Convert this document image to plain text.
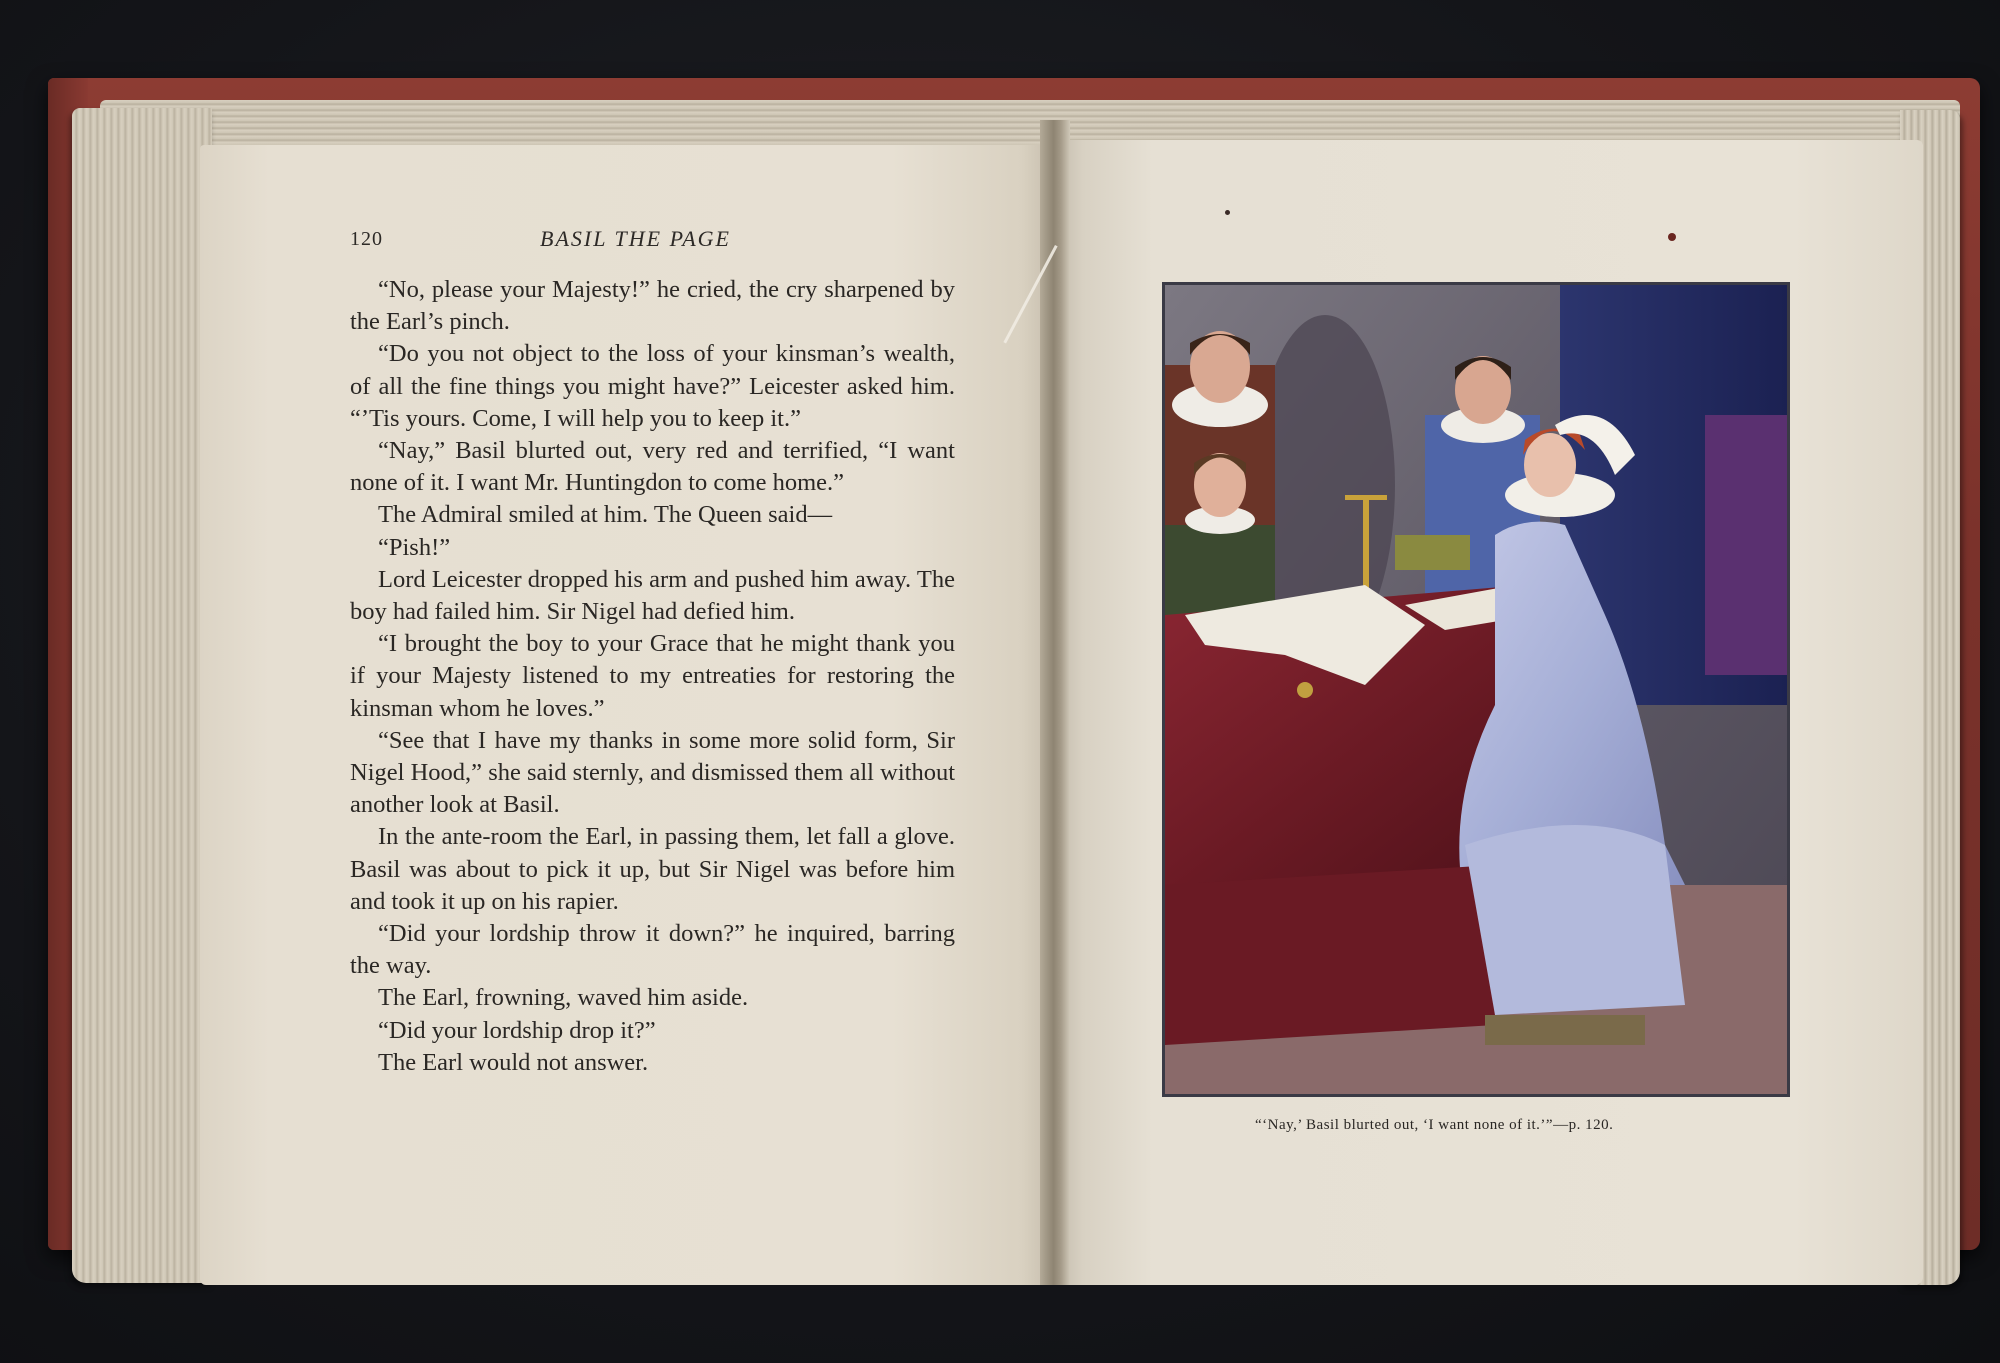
120	BASIL THE PAGE

“No, please your Majesty!” he cried, the cry sharpened by the Earl’s pinch.

“Do you not object to the loss of your kinsman’s wealth, of all the fine things you might have?” Leicester asked him. “’Tis yours. Come, I will help you to keep it.”

“Nay,” Basil blurted out, very red and terrified, “I want none of it. I want Mr. Huntingdon to come home.”

The Admiral smiled at him. The Queen said—

“Pish!”

Lord Leicester dropped his arm and pushed him away. The boy had failed him. Sir Nigel had defied him.

“I brought the boy to your Grace that he might thank you if your Majesty listened to my entreaties for restoring the kinsman whom he loves.”

“See that I have my thanks in some more solid form, Sir Nigel Hood,” she said sternly, and dismissed them all without another look at Basil.

In the ante-room the Earl, in passing them, let fall a glove. Basil was about to pick it up, but Sir Nigel was before him and took it up on his rapier.

“Did your lordship throw it down?” he inquired, barring the way.

The Earl, frowning, waved him aside.

“Did your lordship drop it?”

The Earl would not answer.

“‘Nay,’ Basil blurted out, ‘I want none of it.’”—p. 120.
